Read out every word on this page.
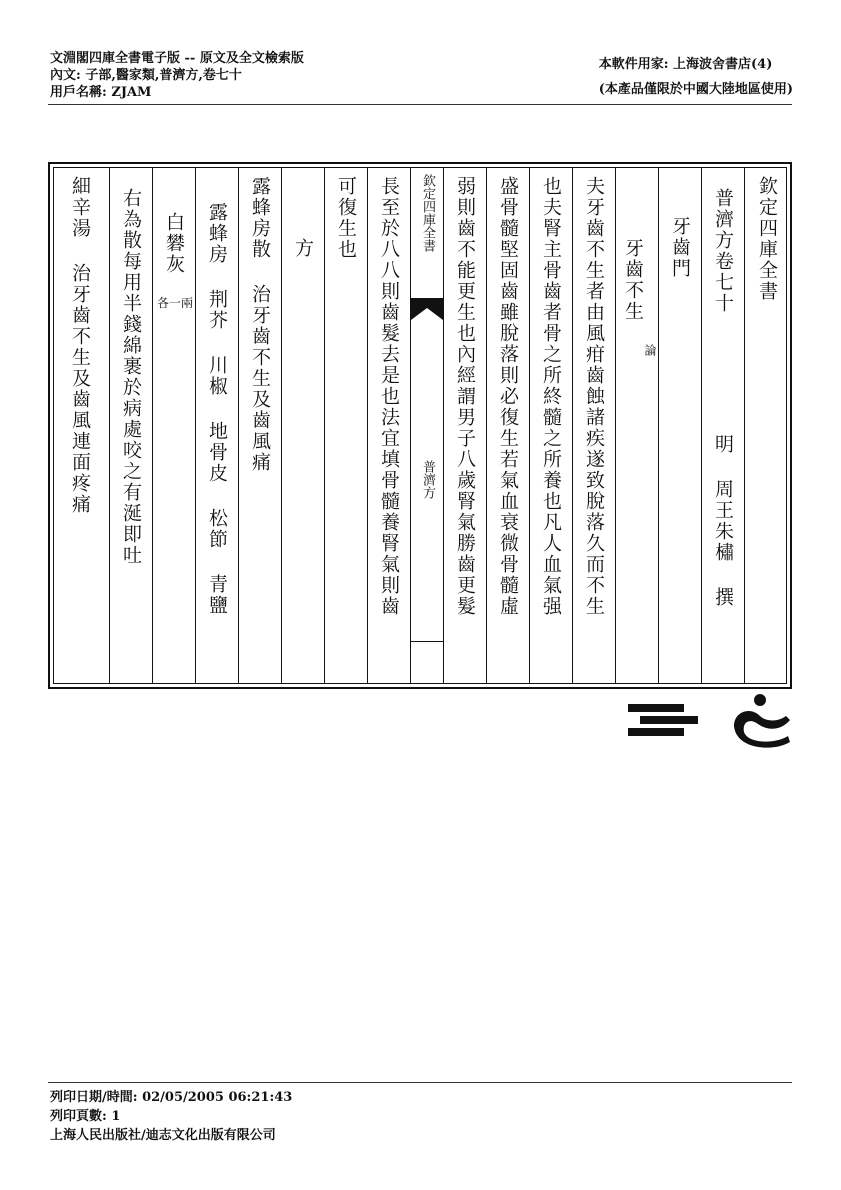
文淵閣四庫全書電子版 -- 原文及全文檢索版
內文: 子部,醫家類,普濟方,卷七十
用戶名稱: ZJAM
本軟件用家: 上海波舍書店(4)
(本產品僅限於中國大陸地區使用)
欽定四庫全書
普濟方卷七十
明 周王朱橚 撰
牙齒門
牙齒不生
論
夫牙齒不生者由風疳齒蝕諸疾遂致脫落久而不生
也夫腎主骨齒者骨之所終髓之所養也凡人血氣强
盛骨髓堅固齒雖脫落則必復生若氣血衰微骨髓虛
弱則齒不能更生也內經謂男子八歲腎氣勝齒更髮
欽定四庫全書
普濟方
長至於八八則齒髮去是也法宜填骨髓養腎氣則齒
可復生也
方
露蜂房散 治牙齒不生及齒風痛
露蜂房 荆芥 川椒 地骨皮 松節 青鹽
白礬灰
各一兩
右為散每用半錢綿裹於病處咬之有涎即吐
細辛湯 治牙齒不生及齒風連面疼痛
列印日期/時間: 02/05/2005 06:21:43
列印頁數: 1
上海人民出版社/迪志文化出版有限公司
